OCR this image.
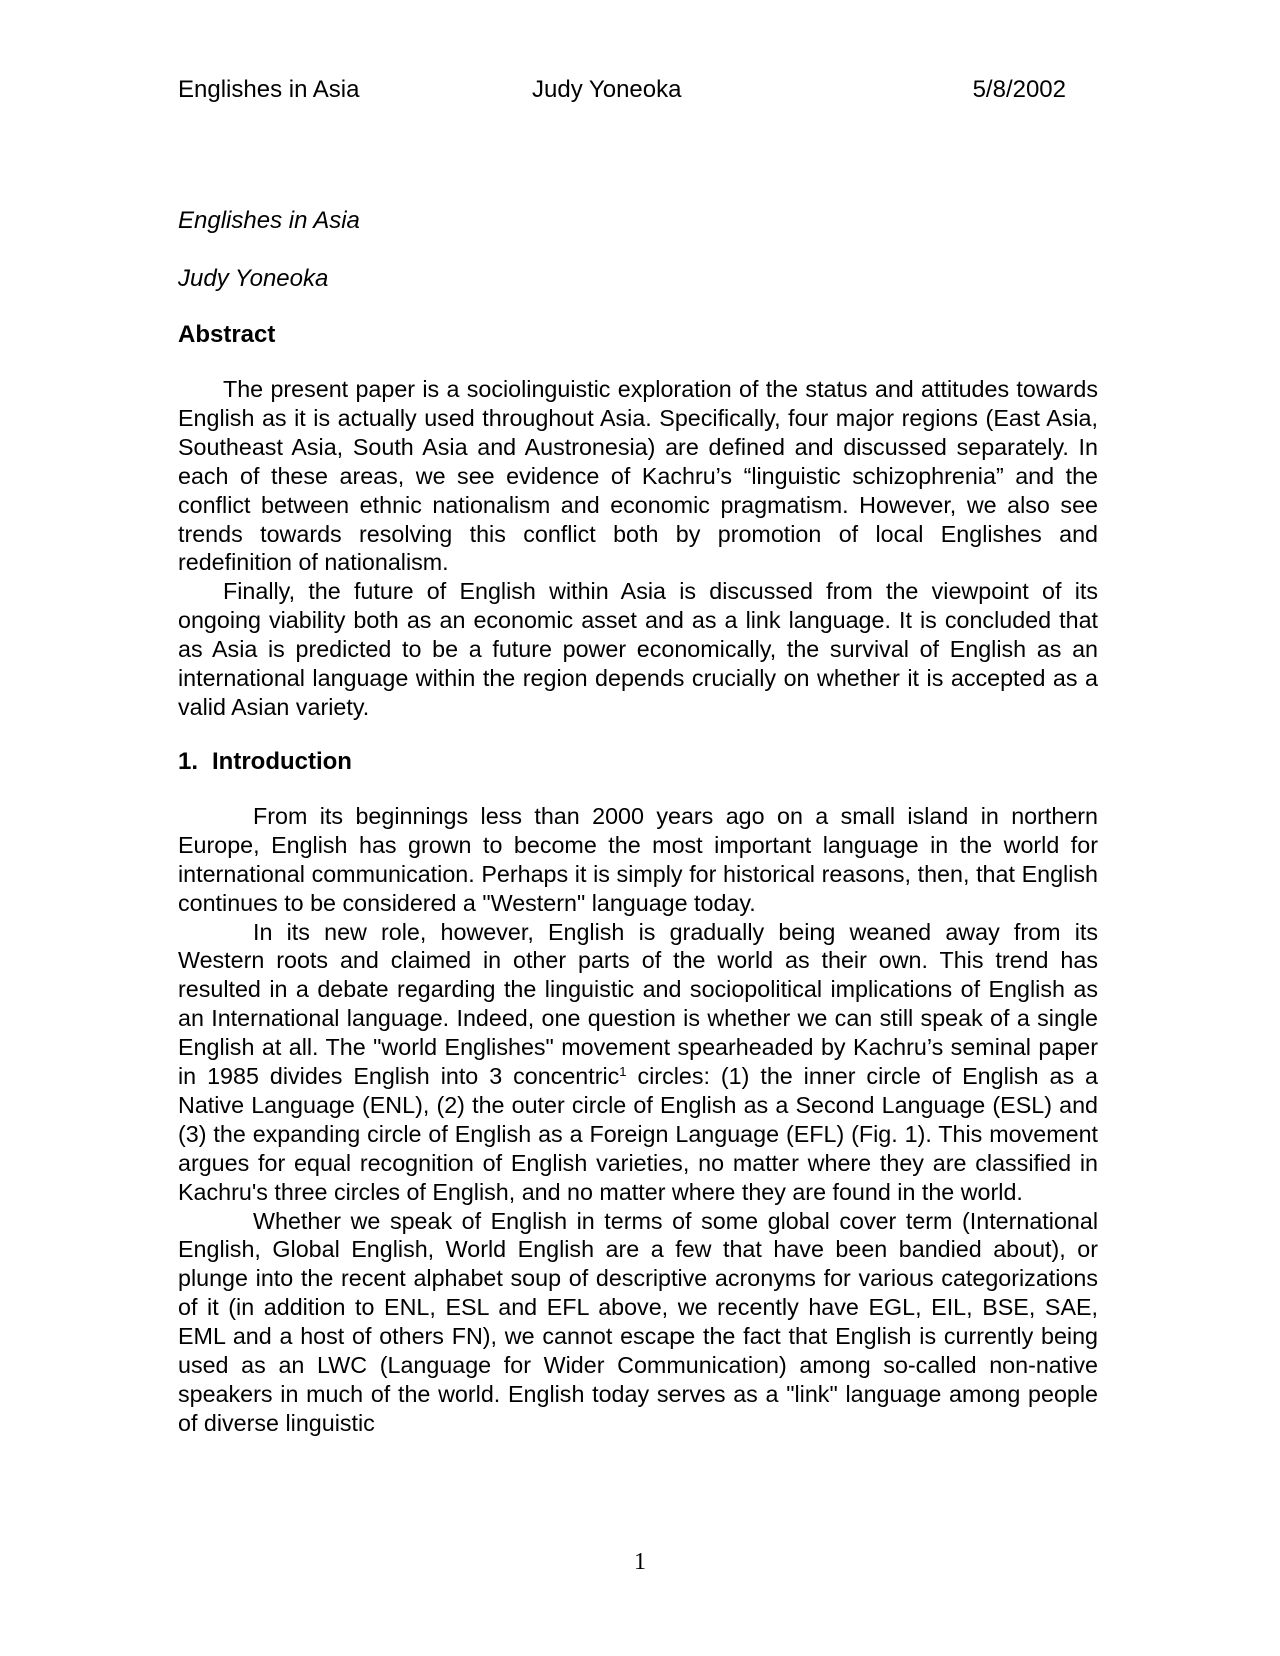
Englishes in Asia	Judy Yoneoka	5/8/2002

Englishes in Asia

Judy Yoneoka

Abstract

The present paper is a sociolinguistic exploration of the status and attitudes towards English as it is actually used throughout Asia. Specifically, four major regions (East Asia, Southeast Asia, South Asia and Austronesia) are defined and discussed separately. In each of these areas, we see evidence of Kachru’s “linguistic schizophrenia” and the conflict between ethnic nationalism and economic pragmatism. However, we also see trends towards resolving this conflict both by promotion of local Englishes and redefinition of nationalism.

Finally, the future of English within Asia is discussed from the viewpoint of its ongoing viability both as an economic asset and as a link language. It is concluded that as Asia is predicted to be a future power economically, the survival of English as an international language within the region depends crucially on whether it is accepted as a valid Asian variety.

1. Introduction

From its beginnings less than 2000 years ago on a small island in northern Europe, English has grown to become the most important language in the world for international communication. Perhaps it is simply for historical reasons, then, that English continues to be considered a "Western" language today.

In its new role, however, English is gradually being weaned away from its Western roots and claimed in other parts of the world as their own. This trend has resulted in a debate regarding the linguistic and sociopolitical implications of English as an International language. Indeed, one question is whether we can still speak of a single English at all. The "world Englishes" movement spearheaded by Kachru’s seminal paper in 1985 divides English into 3 concentric$^1$ circles: (1) the inner circle of English as a Native Language (ENL), (2) the outer circle of English as a Second Language (ESL) and (3) the expanding circle of English as a Foreign Language (EFL) (Fig. 1). This movement argues for equal recognition of English varieties, no matter where they are classified in Kachru's three circles of English, and no matter where they are found in the world.

Whether we speak of English in terms of some global cover term (International English, Global English, World English are a few that have been bandied about), or plunge into the recent alphabet soup of descriptive acronyms for various categorizations of it (in addition to ENL, ESL and EFL above, we recently have EGL, EIL, BSE, SAE, EML and a host of others FN), we cannot escape the fact that English is currently being used as an LWC (Language for Wider Communication) among so-called non-native speakers in much of the world. English today serves as a "link" language among people of diverse linguistic

1
